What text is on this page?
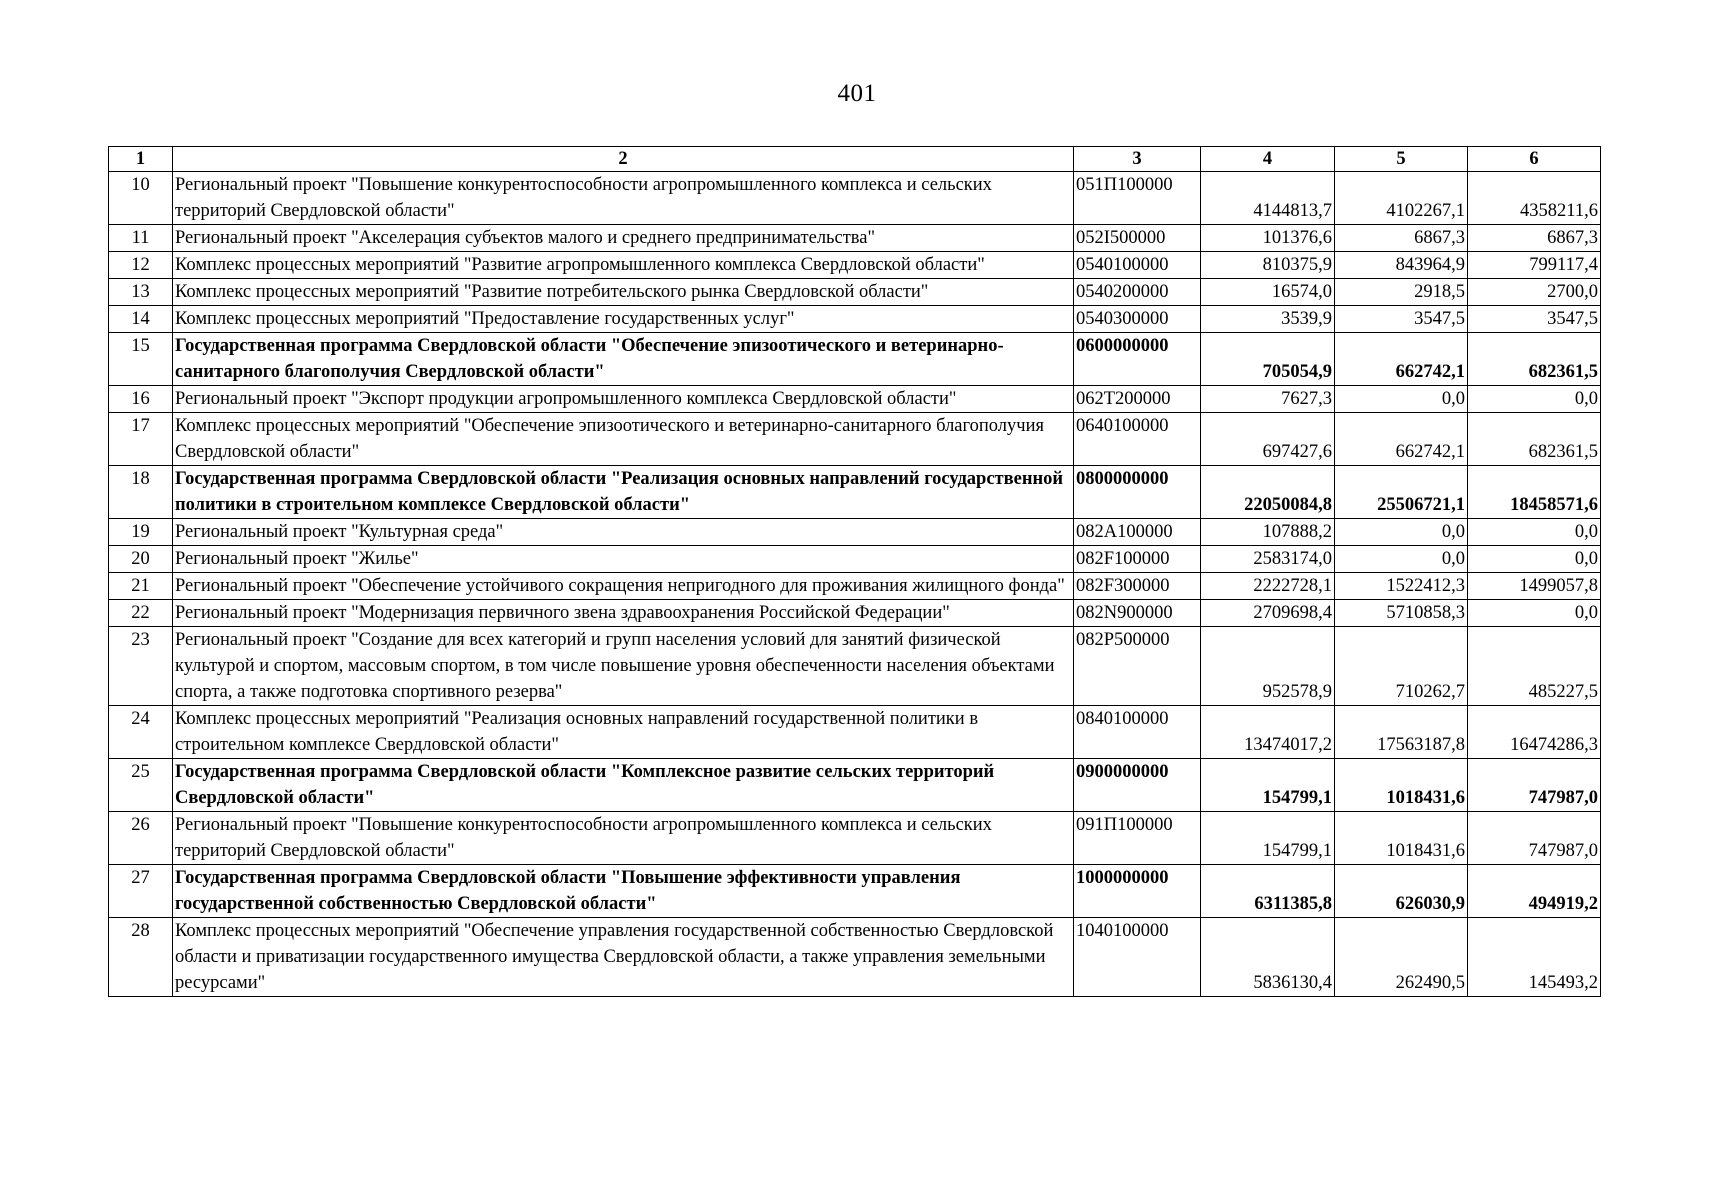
401
1	2	3	4	5	6
10	Региональный проект "Повышение конкурентоспособности агропромышленного комплекса и сельских территорий Свердловской области"	051П100000	4144813,7	4102267,1	4358211,6
11	Региональный проект "Акселерация субъектов малого и среднего предпринимательства"	052I500000	101376,6	6867,3	6867,3
12	Комплекс процессных мероприятий "Развитие агропромышленного комплекса Свердловской области"	0540100000	810375,9	843964,9	799117,4
13	Комплекс процессных мероприятий "Развитие потребительского рынка Свердловской области"	0540200000	16574,0	2918,5	2700,0
14	Комплекс процессных мероприятий "Предоставление государственных услуг"	0540300000	3539,9	3547,5	3547,5
15	Государственная программа Свердловской области "Обеспечение эпизоотического и ветеринарно-санитарного благополучия Свердловской области"	0600000000	705054,9	662742,1	682361,5
16	Региональный проект "Экспорт продукции агропромышленного комплекса Свердловской области"	062T200000	7627,3	0,0	0,0
17	Комплекс процессных мероприятий "Обеспечение эпизоотического и ветеринарно-санитарного благополучия Свердловской области"	0640100000	697427,6	662742,1	682361,5
18	Государственная программа Свердловской области "Реализация основных направлений государственной политики в строительном комплексе Свердловской области"	0800000000	22050084,8	25506721,1	18458571,6
19	Региональный проект "Культурная среда"	082A100000	107888,2	0,0	0,0
20	Региональный проект "Жилье"	082F100000	2583174,0	0,0	0,0
21	Региональный проект "Обеспечение устойчивого сокращения непригодного для проживания жилищного фонда"	082F300000	2222728,1	1522412,3	1499057,8
22	Региональный проект "Модернизация первичного звена здравоохранения Российской Федерации"	082N900000	2709698,4	5710858,3	0,0
23	Региональный проект "Создание для всех категорий и групп населения условий для занятий физической культурой и спортом, массовым спортом, в том числе повышение уровня обеспеченности населения объектами спорта, а также подготовка спортивного резерва"	082P500000	952578,9	710262,7	485227,5
24	Комплекс процессных мероприятий "Реализация основных направлений государственной политики в строительном комплексе Свердловской области"	0840100000	13474017,2	17563187,8	16474286,3
25	Государственная программа Свердловской области "Комплексное развитие сельских территорий Свердловской области"	0900000000	154799,1	1018431,6	747987,0
26	Региональный проект "Повышение конкурентоспособности агропромышленного комплекса и сельских территорий Свердловской области"	091П100000	154799,1	1018431,6	747987,0
27	Государственная программа Свердловской области "Повышение эффективности управления государственной собственностью Свердловской области"	1000000000	6311385,8	626030,9	494919,2
28	Комплекс процессных мероприятий "Обеспечение управления государственной собственностью Свердловской области и приватизации государственного имущества Свердловской области, а также управления земельными ресурсами"	1040100000	5836130,4	262490,5	145493,2
